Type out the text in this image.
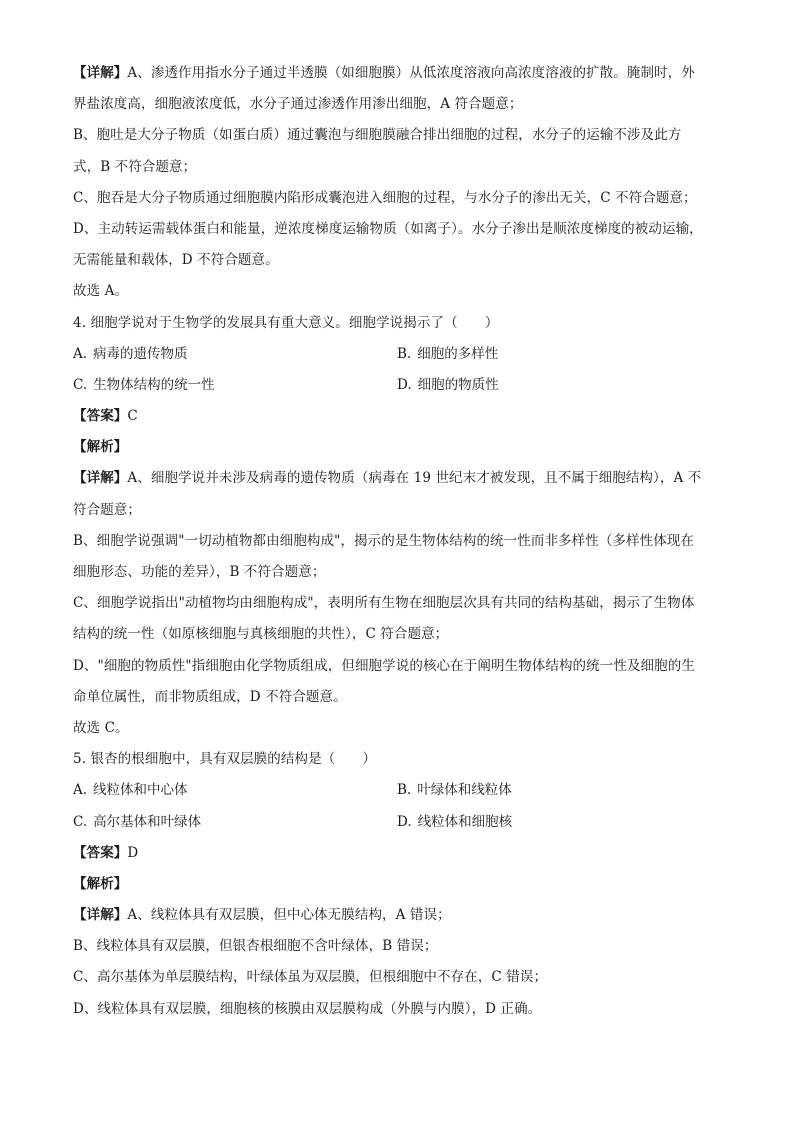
【详解】A、渗透作用指水分子通过半透膜（如细胞膜）从低浓度溶液向高浓度溶液的扩散。腌制时，外
界盐浓度高，细胞液浓度低，水分子通过渗透作用渗出细胞，A 符合题意；
B、胞吐是大分子物质（如蛋白质）通过囊泡与细胞膜融合排出细胞的过程，水分子的运输不涉及此方
式，B 不符合题意；
C、胞吞是大分子物质通过细胞膜内陷形成囊泡进入细胞的过程，与水分子的渗出无关，C 不符合题意；
D、主动转运需载体蛋白和能量，逆浓度梯度运输物质（如离子）。水分子渗出是顺浓度梯度的被动运输，
无需能量和载体，D 不符合题意。
故选 A。
4. 细胞学说对于生物学的发展具有重大意义。细胞学说揭示了（　　）
A. 病毒的遗传物质	B. 细胞的多样性
C. 生物体结构的统一性	D. 细胞的物质性
【答案】C
【解析】
【详解】A、细胞学说并未涉及病毒的遗传物质（病毒在 19 世纪末才被发现，且不属于细胞结构），A 不
符合题意；
B、细胞学说强调"一切动植物都由细胞构成"，揭示的是生物体结构的统一性而非多样性（多样性体现在
细胞形态、功能的差异），B 不符合题意；
C、细胞学说指出"动植物均由细胞构成"，表明所有生物在细胞层次具有共同的结构基础，揭示了生物体
结构的统一性（如原核细胞与真核细胞的共性），C 符合题意；
D、"细胞的物质性"指细胞由化学物质组成，但细胞学说的核心在于阐明生物体结构的统一性及细胞的生
命单位属性，而非物质组成，D 不符合题意。
故选 C。
5. 银杏的根细胞中，具有双层膜的结构是（　　）
A. 线粒体和中心体	B. 叶绿体和线粒体
C. 高尔基体和叶绿体	D. 线粒体和细胞核
【答案】D
【解析】
【详解】A、线粒体具有双层膜，但中心体无膜结构，A 错误；
B、线粒体具有双层膜，但银杏根细胞不含叶绿体，B 错误；
C、高尔基体为单层膜结构，叶绿体虽为双层膜，但根细胞中不存在，C 错误；
D、线粒体具有双层膜，细胞核的核膜由双层膜构成（外膜与内膜），D 正确。
